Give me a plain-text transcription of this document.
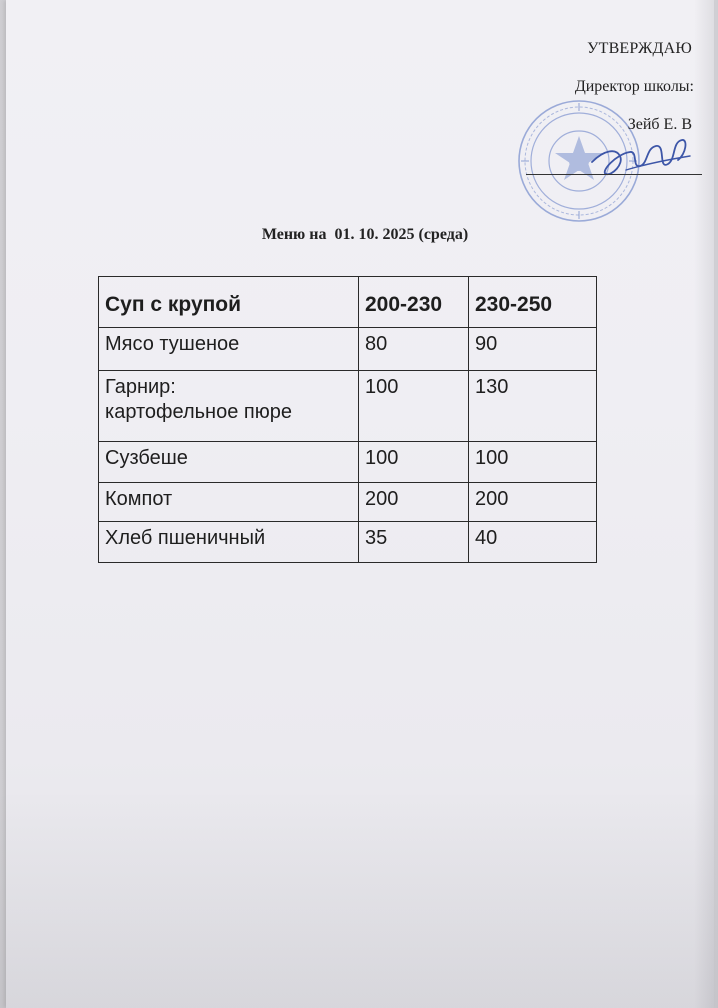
УТВЕРЖДАЮ
Директор школы:
Зейб Е. В
Меню на 01. 10. 2025 (среда)
Суп с крупой	200-230	230-250
Мясо тушеное	80	90

Гарнир:
картофельное пюре	100	130
Сузбеше	100	100
Компот	200	200
Хлеб пшеничный	35	40
